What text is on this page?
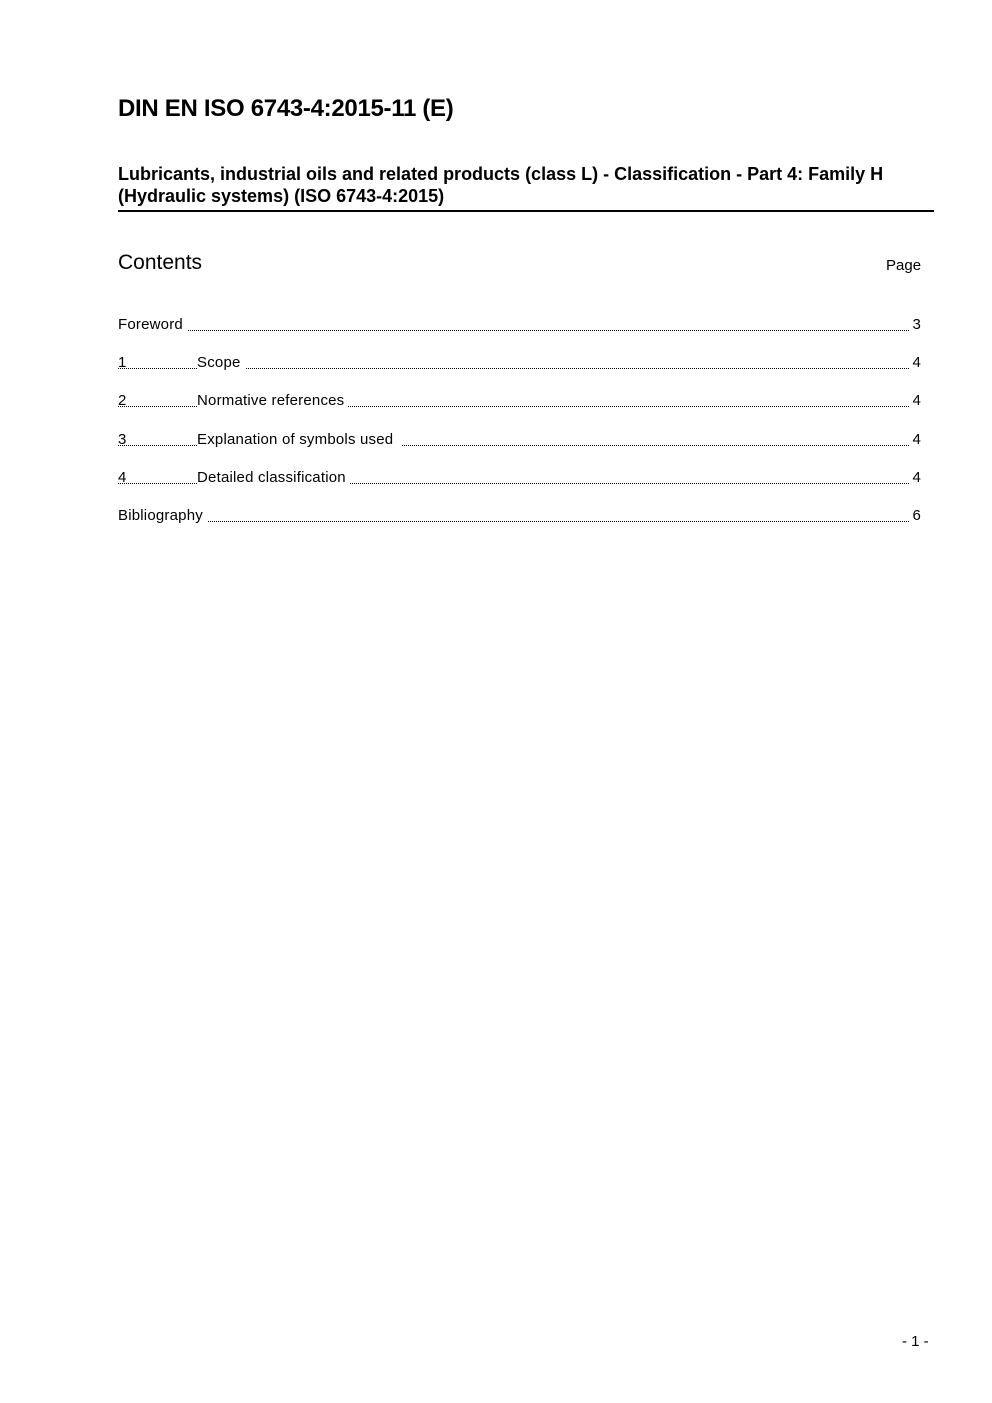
DIN EN ISO 6743-4:2015-11 (E)
Lubricants, industrial oils and related products (class L) - Classification - Part 4: Family H (Hydraulic systems) (ISO 6743-4:2015)
Contents	Page
Foreword	3
1	Scope	4
2	Normative references	4
3	Explanation of symbols used	4
4	Detailed classification	4
Bibliography	6
- 1 -
